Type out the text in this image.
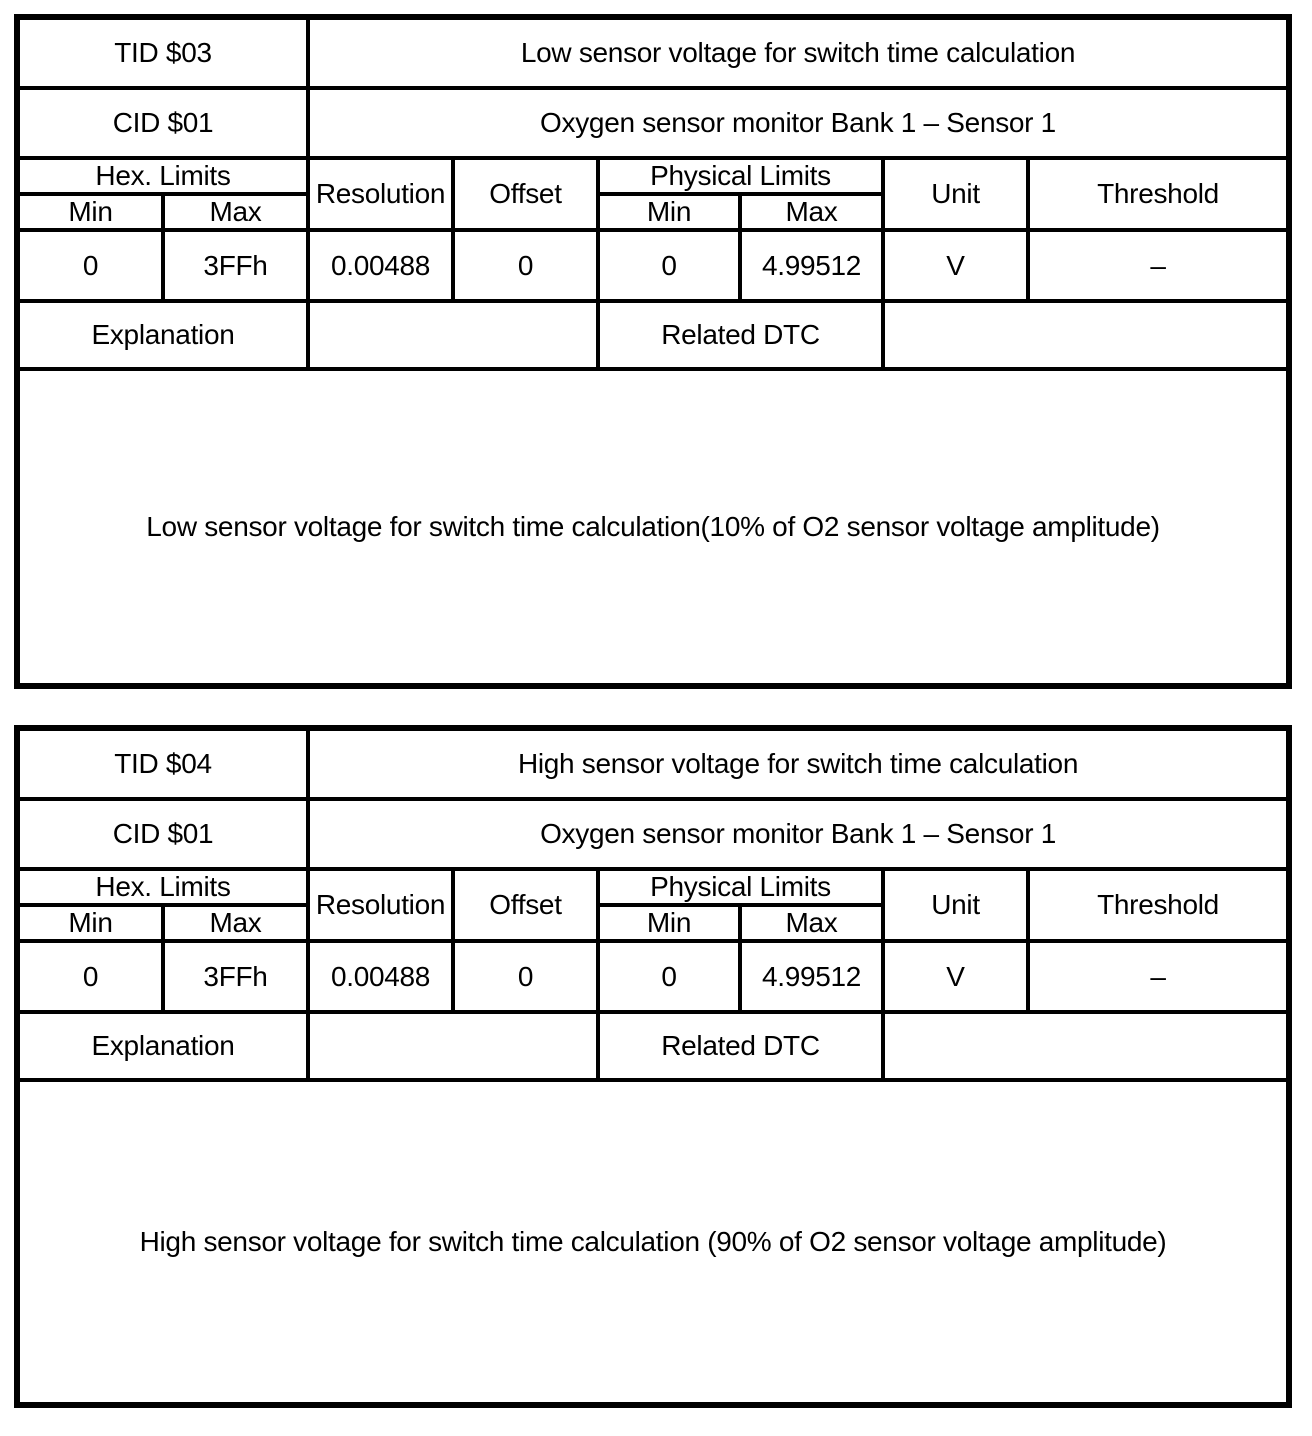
TID $03		Low sensor voltage for switch time calculation					
CID $01		Oxygen sensor monitor Bank 1 – Sensor 1					
Hex. Limits		Resolution	Offset	Physical Limits		Unit	Threshold
Min	Max			Min	Max		
0	3FFh	0.00488	0	0	4.99512	V	–
Explanation				Related DTC			
Low sensor voltage for switch time calculation(10% of O2 sensor voltage amplitude)							
TID $04		High sensor voltage for switch time calculation					
CID $01		Oxygen sensor monitor Bank 1 – Sensor 1					
Hex. Limits		Resolution	Offset	Physical Limits		Unit	Threshold
Min	Max			Min	Max		
0	3FFh	0.00488	0	0	4.99512	V	–
Explanation				Related DTC			
High sensor voltage for switch time calculation (90% of O2 sensor voltage amplitude)							
